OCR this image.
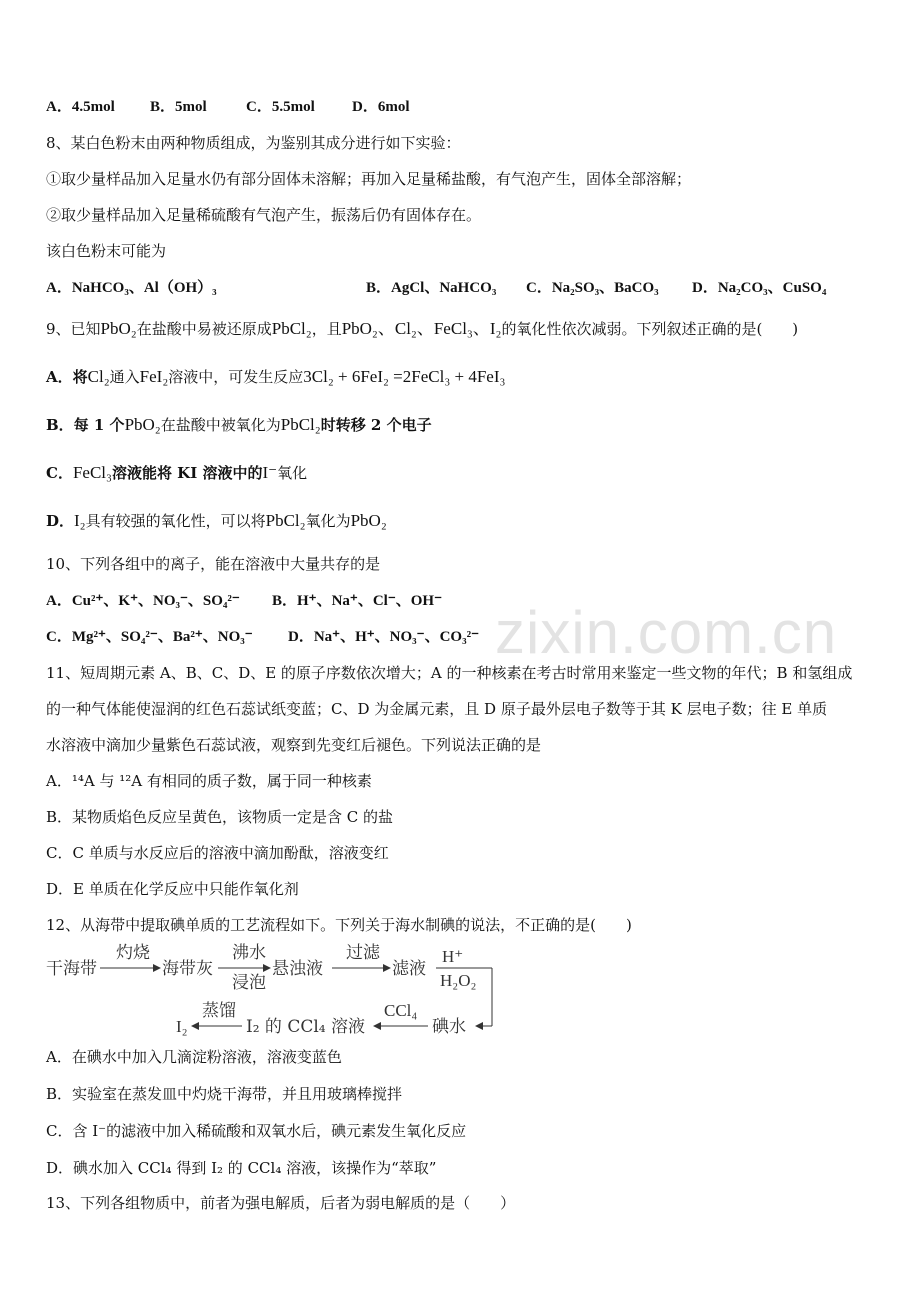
zixin.com.cn
A．4.5mol B．5mol	C．5.5mol D．6mol
8、某白色粉末由两种物质组成，为鉴别其成分进行如下实验：
①取少量样品加入足量水仍有部分固体未溶解；再加入足量稀盐酸，有气泡产生，固体全部溶解；
②取少量样品加入足量稀硫酸有气泡产生，振荡后仍有固体存在。
该白色粉末可能为
A．NaHCO₃、Al（OH）₃	B．AgCl、NaHCO₃ C．Na₂SO₃、BaCO₃ D．Na₂CO₃、CuSO₄
9、已知PbO₂在盐酸中易被还原成PbCl₂，且PbO₂、Cl₂、FeCl₃、I₂的氧化性依次减弱。下列叙述正确的是(　　)
A．将Cl₂通入FeI₂溶液中，可发生反应3Cl₂ + 6FeI₂ =2FeCl₃ + 4FeI₃
B．每 1 个PbO₂在盐酸中被氧化为PbCl₂时转移 2 个电子
C．FeCl₃溶液能将 KI 溶液中的I⁻氧化
D．I₂具有较强的氧化性，可以将PbCl₂氧化为PbO₂
10、下列各组中的离子，能在溶液中大量共存的是
A．Cu²⁺、K⁺、NO₃⁻、SO₄²⁻ B．H⁺、Na⁺、Cl⁻、OH⁻
C．Mg²⁺、SO₄²⁻、Ba²⁺、NO₃⁻ D．Na⁺、H⁺、NO₃⁻、CO₃²⁻
11、短周期元素 A、B、C、D、E 的原子序数依次增大；A 的一种核素在考古时常用来鉴定一些文物的年代；B 和氢组成
的一种气体能使湿润的红色石蕊试纸变蓝；C、D 为金属元素，且 D 原子最外层电子数等于其 K 层电子数；往 E 单质
水溶液中滴加少量紫色石蕊试液，观察到先变红后褪色。下列说法正确的是
A．¹⁴A 与 ¹²A 有相同的质子数，属于同一种核素
B．某物质焰色反应呈黄色，该物质一定是含 C 的盐
C．C 单质与水反应后的溶液中滴加酚酞，溶液变红
D．E 单质在化学反应中只能作氧化剂
12、从海带中提取碘单质的工艺流程如下。下列关于海水制碘的说法，不正确的是(　　)
干海带
灼烧
海带灰
沸水
浸泡
悬浊液
过滤
滤液
H⁺
H₂O₂
碘水
CCl₄
I₂ 的 CCl₄ 溶液
蒸馏
I₂
A．在碘水中加入几滴淀粉溶液，溶液变蓝色
B．实验室在蒸发皿中灼烧干海带，并且用玻璃棒搅拌
C．含 I⁻的滤液中加入稀硫酸和双氧水后，碘元素发生氧化反应
D．碘水加入 CCl₄ 得到 I₂ 的 CCl₄ 溶液，该操作为“萃取”
13、下列各组物质中，前者为强电解质，后者为弱电解质的是（　　）
